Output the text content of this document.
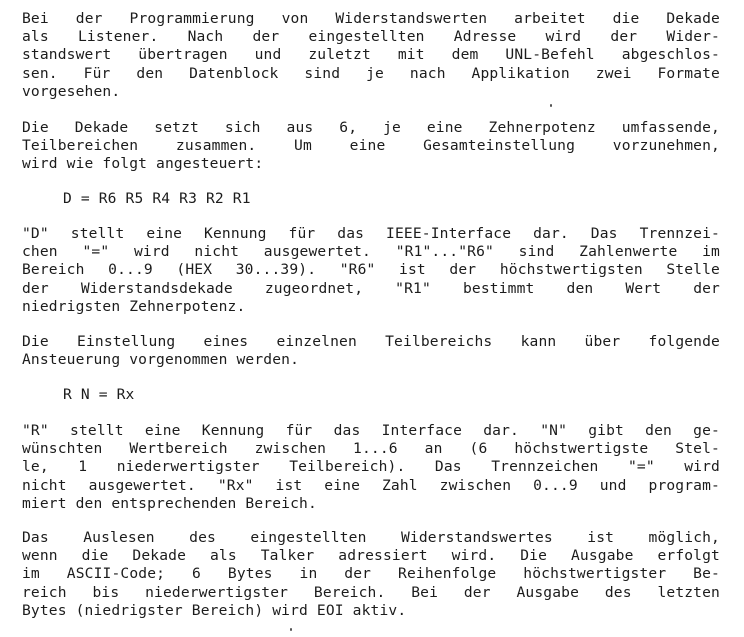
Bei der Programmierung von Widerstandswerten arbeitet die Dekade
als Listener. Nach der eingestellten Adresse wird der Wider-
standswert übertragen und zuletzt mit dem UNL-Befehl abgeschlos-
sen. Für den Datenblock sind je nach Applikation zwei Formate
vorgesehen.
Die Dekade setzt sich aus 6, je eine Zehnerpotenz umfassende,
Teilbereichen zusammen. Um eine Gesamteinstellung vorzunehmen,
wird wie folgt angesteuert:
D = R6 R5 R4 R3 R2 R1
"D" stellt eine Kennung für das IEEE-Interface dar. Das Trennzei-
chen "=" wird nicht ausgewertet. "R1"..."R6" sind Zahlenwerte im
Bereich 0...9 (HEX 30...39). "R6" ist der höchstwertigsten Stelle
der Widerstandsdekade zugeordnet, "R1" bestimmt den Wert der
niedrigsten Zehnerpotenz.
Die Einstellung eines einzelnen Teilbereichs kann über folgende
Ansteuerung vorgenommen werden.
R N = Rx
"R" stellt eine Kennung für das Interface dar. "N" gibt den ge-
wünschten Wertbereich zwischen 1...6 an (6 höchstwertigste Stel-
le, 1 niederwertigster Teilbereich). Das Trennzeichen "=" wird
nicht ausgewertet. "Rx" ist eine Zahl zwischen 0...9 und program-
miert den entsprechenden Bereich.
Das Auslesen des eingestellten Widerstandswertes ist möglich,
wenn die Dekade als Talker adressiert wird. Die Ausgabe erfolgt
im ASCII-Code; 6 Bytes in der Reihenfolge höchstwertigster Be-
reich bis niederwertigster Bereich. Bei der Ausgabe des letzten
Bytes (niedrigster Bereich) wird EOI aktiv.
